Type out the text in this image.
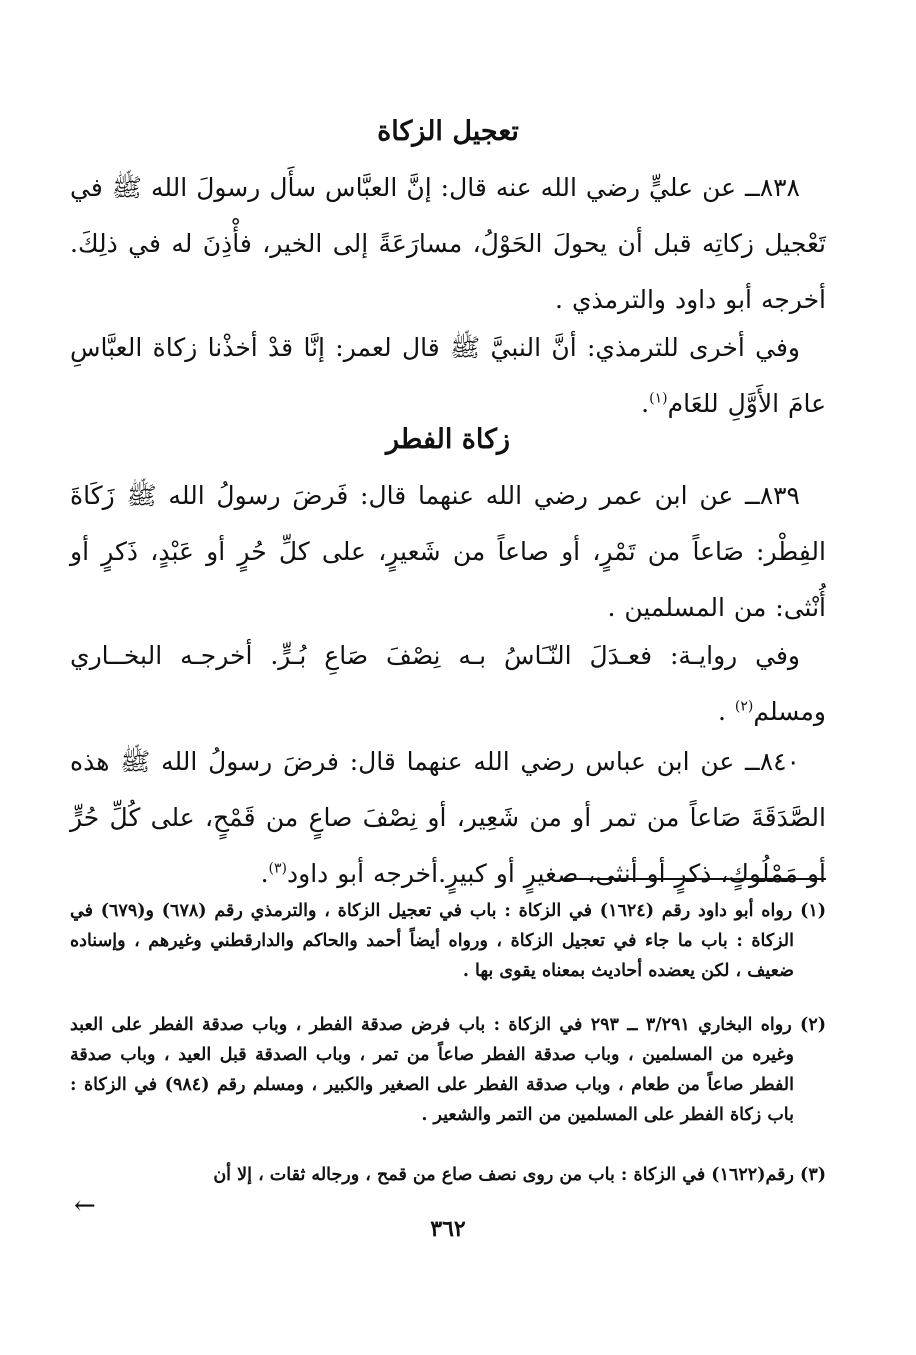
تعجيل الزكاة
٨٣٨ــ عن عليٍّ رضي الله عنه قال: إنَّ العبَّاس سأَل رسولَ الله ﷺ في تَعْجيل زكاتِه قبل أن يحولَ الحَوْلُ، مسارَعَةً إلى الخير، فأْذِنَ له في ذلِكَ. أخرجه أبو داود والترمذي .
وفي أخرى للترمذي: أنَّ النبيَّ ﷺ قال لعمر: إنَّا قدْ أخذْنا زكاة العبَّاسِ عامَ الأَوَّلِ للعَام$^{(١)}$.
زكاة الفطر
٨٣٩ــ عن ابن عمر رضي الله عنهما قال: فَرضَ رسولُ الله ﷺ زَكَاةَ الفِطْر: صَاعاً من تَمْرٍ، أو صاعاً من شَعيرٍ، على كلِّ حُرٍ أو عَبْدٍ، ذَكرٍ أو أُنْثى: من المسلمين .
وفي روايـة: فعـدَلَ النّـَاسُ بـه نِصْفَ صَاعِ بُـرٍّ. أخرجـه البخــاري ومسلم$^{(٢)}$ .
٨٤٠ــ عن ابن عباس رضي الله عنهما قال: فرضَ رسولُ الله ﷺ هذه الصَّدَقَةَ صَاعاً من تمر أو من شَعِير، أو نِصْفَ صاعٍ من قَمْحٍ، على كُلِّ حُرٍّ أو مَمْلُوكٍ، ذكرٍ أو أنثى، صغيرٍ أو كبيرٍ.أخرجه أبو داود$^{(٣)}$.
(١) رواه أبو داود رقم (١٦٢٤) في الزكاة : باب في تعجيل الزكاة ، والترمذي رقم (٦٧٨) و(٦٧٩) في الزكاة : باب ما جاء في تعجيل الزكاة ، ورواه أيضاً أحمد والحاكم والدارقطني وغيرهم ، وإسناده ضعيف ، لكن يعضده أحاديث بمعناه يقوى بها .
(٢) رواه البخاري ٣/٢٩١ ــ ٢٩٣ في الزكاة : باب فرض صدقة الفطر ، وباب صدقة الفطر على العبد وغيره من المسلمين ، وباب صدقة الفطر صاعاً من تمر ، وباب الصدقة قبل العيد ، وباب صدقة الفطر صاعاً من طعام ، وباب صدقة الفطر على الصغير والكبير ، ومسلم رقم (٩٨٤) في الزكاة : باب زكاة الفطر على المسلمين من التمر والشعير .
(٣) رقم(١٦٢٢) في الزكاة : باب من روى نصف صاع من قمح ، ورجاله ثقات ، إلا أن
←
٣٦٢
